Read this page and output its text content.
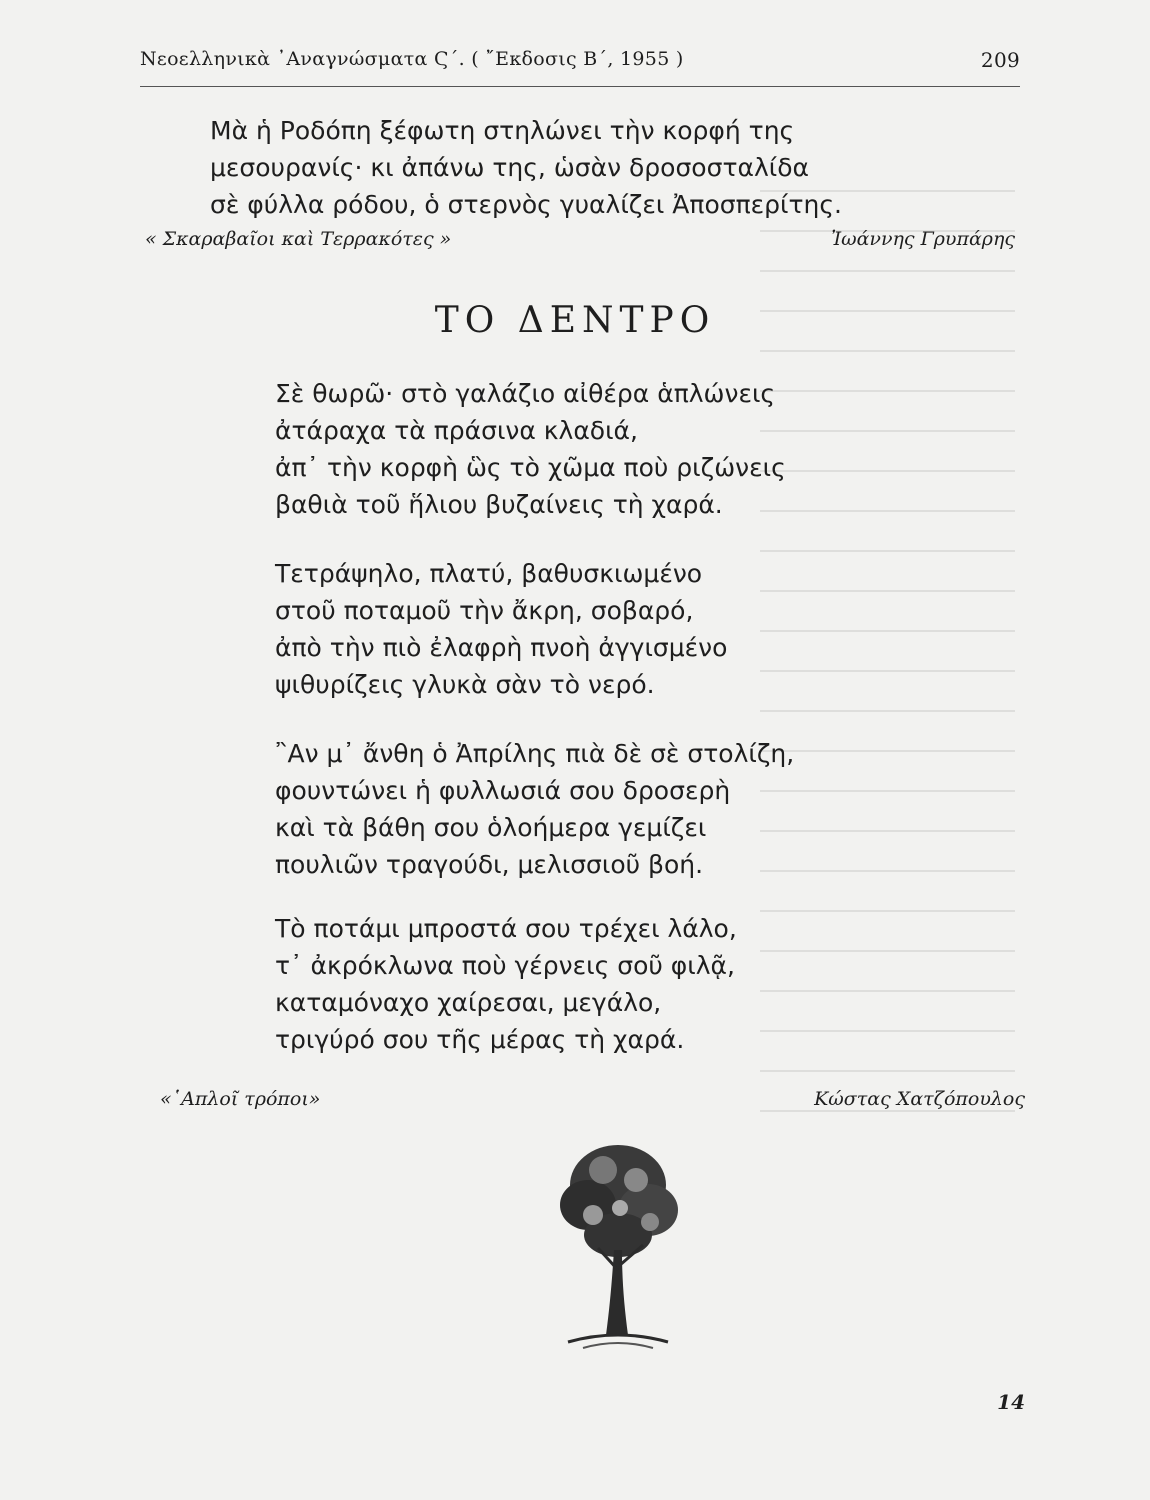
Νεοελληνικὰ ᾿Αναγνώσματα Ϛ΄. ( ῎Εκδοσις Β΄, 1955 )	209
Μὰ ἡ Ροδόπη ξέφωτη στηλώνει τὴν κορφή της
μεσουρανίς· κι ἀπάνω της, ὡσὰν δροσοσταλίδα
σὲ φύλλα ρόδου, ὁ στερνὸς γυαλίζει Ἀποσπερίτης.
« Σκαραβαῖοι καὶ Τερρακότες »	Ἰωάννης Γρυπάρης
ΤΟ ΔΕΝΤΡΟ
Σὲ θωρῶ· στὸ γαλάζιο αἰθέρα ἁπλώνεις
ἀτάραχα τὰ πράσινα κλαδιά,
ἀπ᾿ τὴν κορφὴ ὣς τὸ χῶμα ποὺ ριζώνεις
βαθιὰ τοῦ ἥλιου βυζαίνεις τὴ χαρά.
Τετράψηλο, πλατύ, βαθυσκιωμένο
στοῦ ποταμοῦ τὴν ἄκρη, σοβαρό,
ἀπὸ τὴν πιὸ ἐλαφρὴ πνοὴ ἀγγισμένο
ψιθυρίζεις γλυκὰ σὰν τὸ νερό.
῍Αν μ᾿ ἄνθη ὁ Ἀπρίλης πιὰ δὲ σὲ στολίζη,
φουντώνει ἡ φυλλωσιά σου δροσερὴ
καὶ τὰ βάθη σου ὁλοήμερα γεμίζει
πουλιῶν τραγούδι, μελισσιοῦ βοή.
Τὸ ποτάμι μπροστά σου τρέχει λάλο,
τ᾿ ἀκρόκλωνα ποὺ γέρνεις σοῦ φιλᾷ,
καταμόναχο χαίρεσαι, μεγάλο,
τριγύρό σου τῆς μέρας τὴ χαρά.
«῾Απλοῖ τρόποι»	Κώστας Χατζόπουλος
14
